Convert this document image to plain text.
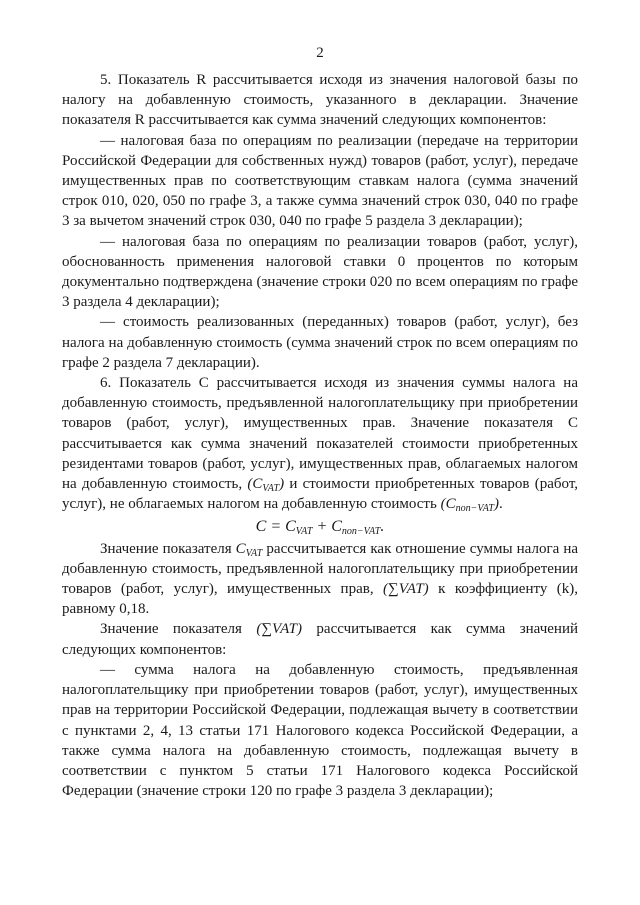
2

5. Показатель R рассчитывается исходя из значения налоговой базы по налогу на добавленную стоимость, указанного в декларации. Значение показателя R рассчитывается как сумма значений следующих компонентов:

— налоговая база по операциям по реализации (передаче на территории Российской Федерации для собственных нужд) товаров (работ, услуг), передаче имущественных прав по соответствующим ставкам налога (сумма значений строк 010, 020, 050 по графе 3, а также сумма значений строк 030, 040 по графе 3 за вычетом значений строк 030, 040 по графе 5 раздела 3 декларации);

— налоговая база по операциям по реализации товаров (работ, услуг), обоснованность применения налоговой ставки 0 процентов по которым документально подтверждена (значение строки 020 по всем операциям по графе 3 раздела 4 декларации);

— стоимость реализованных (переданных) товаров (работ, услуг), без налога на добавленную стоимость (сумма значений строк по всем операциям по графе 2 раздела 7 декларации).

6. Показатель C рассчитывается исходя из значения суммы налога на добавленную стоимость, предъявленной налогоплательщику при приобретении товаров (работ, услуг), имущественных прав. Значение показателя C рассчитывается как сумма значений показателей стоимости приобретенных резидентами товаров (работ, услуг), имущественных прав, облагаемых налогом на добавленную стоимость, $(C_{VAT})$ и стоимости приобретенных товаров (работ, услуг), не облагаемых налогом на добавленную стоимость $(C_{non-VAT})$.

$C = C_{VAT} + C_{non-VAT}$.

Значение показателя $C_{VAT}$ рассчитывается как отношение суммы налога на добавленную стоимость, предъявленной налогоплательщику при приобретении товаров (работ, услуг), имущественных прав, (∑VAT) к коэффициенту (k), равному 0,18.

Значение показателя (∑VAT) рассчитывается как сумма значений следующих компонентов:

— сумма налога на добавленную стоимость, предъявленная налогоплательщику при приобретении товаров (работ, услуг), имущественных прав на территории Российской Федерации, подлежащая вычету в соответствии с пунктами 2, 4, 13 статьи 171 Налогового кодекса Российской Федерации, а также сумма налога на добавленную стоимость, подлежащая вычету в соответствии с пунктом 5 статьи 171 Налогового кодекса Российской Федерации (значение строки 120 по графе 3 раздела 3 декларации);
